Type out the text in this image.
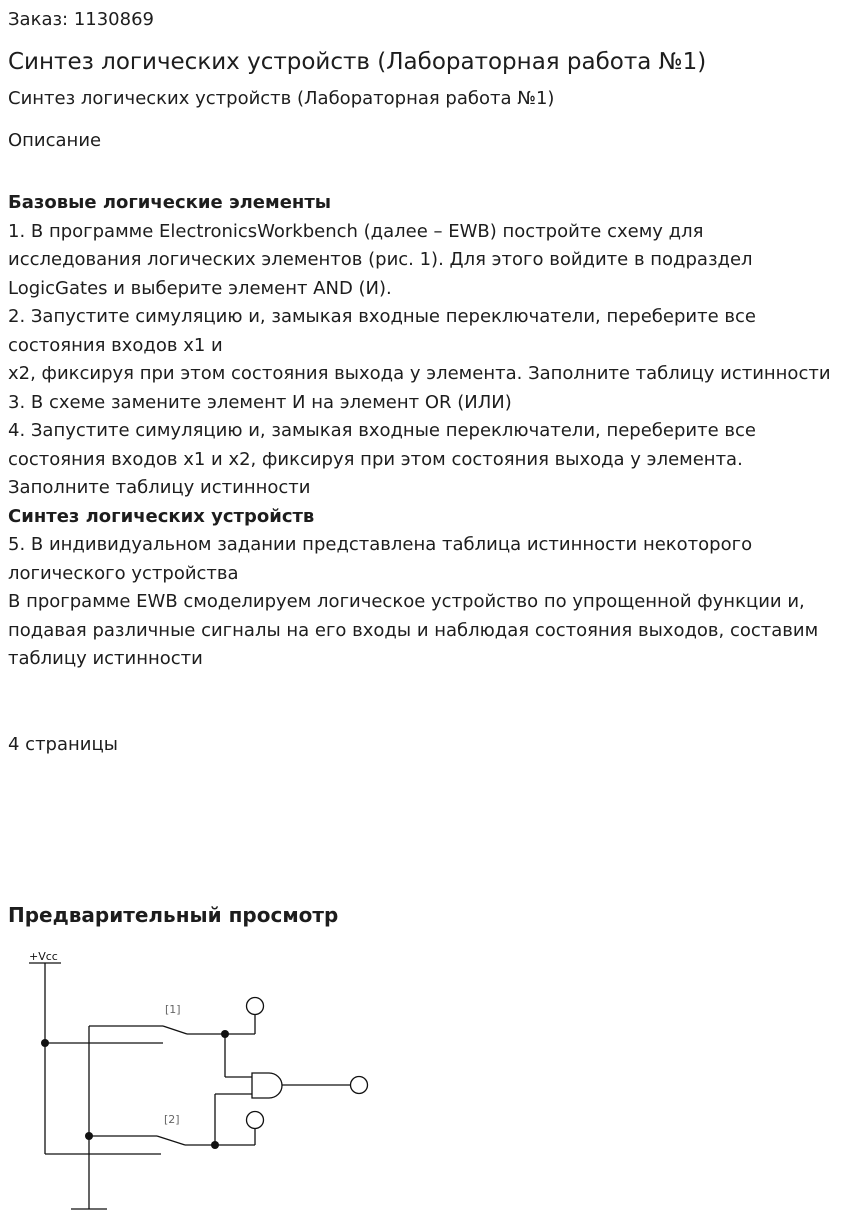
Заказ: 1130869
Синтез логических устройств (Лабораторная работа №1)
Синтез логических устройств (Лабораторная работа №1)
Описание

Базовые логические элементы

1. В программе ElectronicsWorkbench (далее – EWB) постройте схему для исследования логических элементов (рис. 1). Для этого войдите в подраздел LogicGates и выберите элемент AND (И).

2. Запустите симуляцию и, замыкая входные переключатели, переберите все состояния входов x1 и

x2, фиксируя при этом состояния выхода у элемента. Заполните таблицу истинности

3. В схеме замените элемент И на элемент OR (ИЛИ)

4. Запустите симуляцию и, замыкая входные переключатели, переберите все состояния входов x1 и x2, фиксируя при этом состояния выхода у элемента. Заполните таблицу истинности

Синтез логических устройств

5. В индивидуальном задании представлена таблица истинности некоторого логического устройства

В программе EWB смоделируем логическое устройство по упрощенной функции и, подавая различные сигналы на его входы и наблюдая состояния выходов, составим таблицу истинности

4 страницы
Предварительный просмотр
+Vcc
[1]
[2]
